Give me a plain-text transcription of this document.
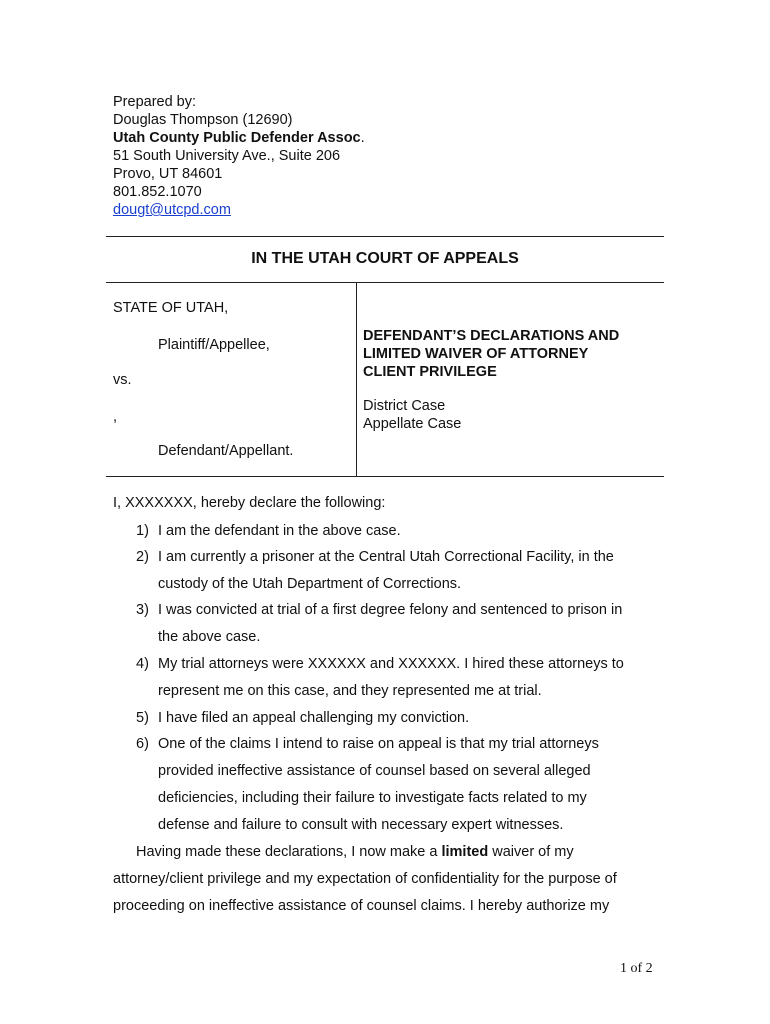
Prepared by:
Douglas Thompson (12690)
Utah County Public Defender Assoc.
51 South University Ave., Suite 206
Provo, UT 84601
801.852.1070
dougt@utcpd.com
IN THE UTAH COURT OF APPEALS
STATE OF UTAH,
Plaintiff/Appellee,
vs.
,
Defendant/Appellant.
DEFENDANT’S DECLARATIONS AND
LIMITED WAIVER OF ATTORNEY
CLIENT PRIVILEGE
District Case
Appellate Case
I, XXXXXXX, hereby declare the following:
1) I am the defendant in the above case.
2) I am currently a prisoner at the Central Utah Correctional Facility, in the
custody of the Utah Department of Corrections.
3) I was convicted at trial of a first degree felony and sentenced to prison in
the above case.
4) My trial attorneys were XXXXXX and XXXXXX. I hired these attorneys to
represent me on this case, and they represented me at trial.
5) I have filed an appeal challenging my conviction.
6) One of the claims I intend to raise on appeal is that my trial attorneys
provided ineffective assistance of counsel based on several alleged
deficiencies, including their failure to investigate facts related to my
defense and failure to consult with necessary expert witnesses.
Having made these declarations, I now make a limited waiver of my
attorney/client privilege and my expectation of confidentiality for the purpose of
proceeding on ineffective assistance of counsel claims. I hereby authorize my
1 of 2
